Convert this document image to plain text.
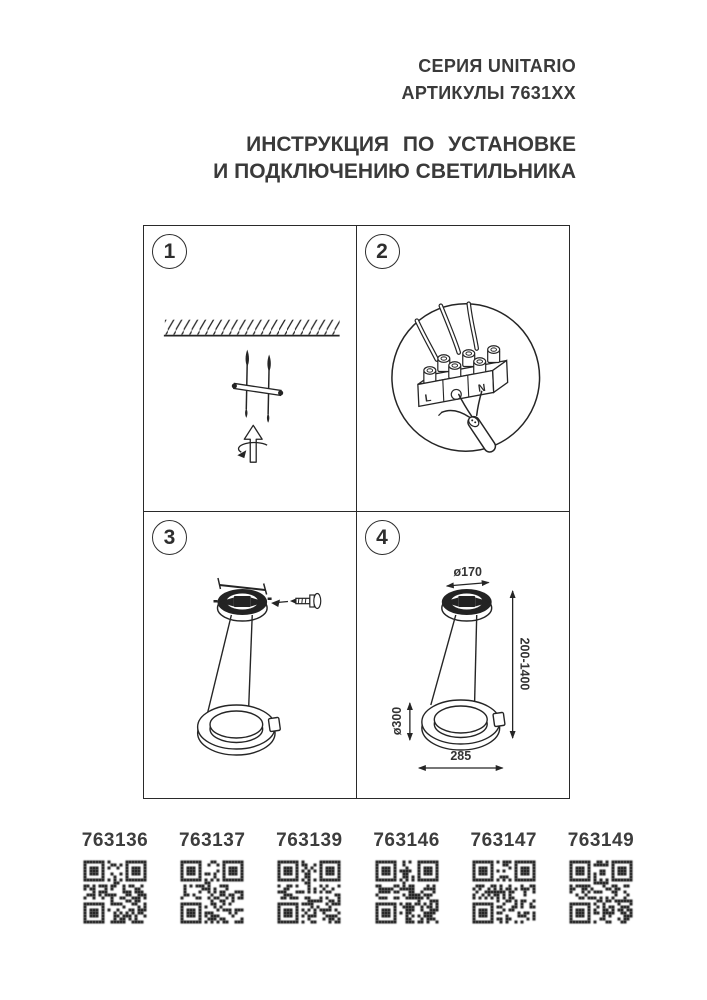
СЕРИЯ UNITARIO
АРТИКУЛЫ 7631XX
ИНСТРУКЦИЯ ПО УСТАНОВКЕ
И ПОДКЛЮЧЕНИЮ СВЕТИЛЬНИКА
1
L
N
2
3
ø170
200-1400
ø300
285
4
763136	763137	763139	763146	763147	763149
